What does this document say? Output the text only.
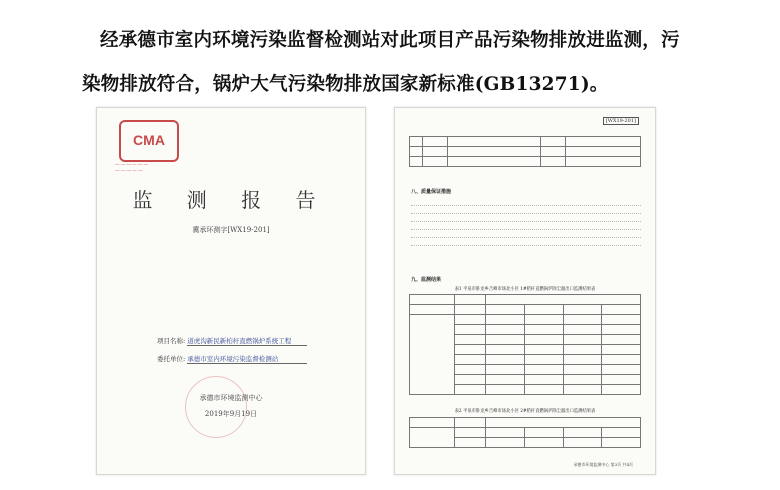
经承德市室内环境污染监督检测站对此项目产品污染物排放进监测，污
染物排放符合，锅炉大气污染物排放国家新标准(GB13271)。
CMA
— — — — — —
— — — — —
监 测 报 告
冀承环测字[WX19-201]
项目名称: 道虎沟新民新柏秆直燃锅炉系统工程
委托单位: 承德市室内环境污染监督检测站
承德市环境监测中心
2019年9月19日
[WX19-201]

八、质量保证措施
九、监测结果
表1 平泉市卧龙乡吉峰市场北小区 1#秸秆直燃锅炉除尘器出口监测结果表

表2 平泉市卧龙乡吉峰市场北小区 2#秸秆直燃锅炉除尘器出口监测结果表

承德市环境监测中心 第3页 共4页
